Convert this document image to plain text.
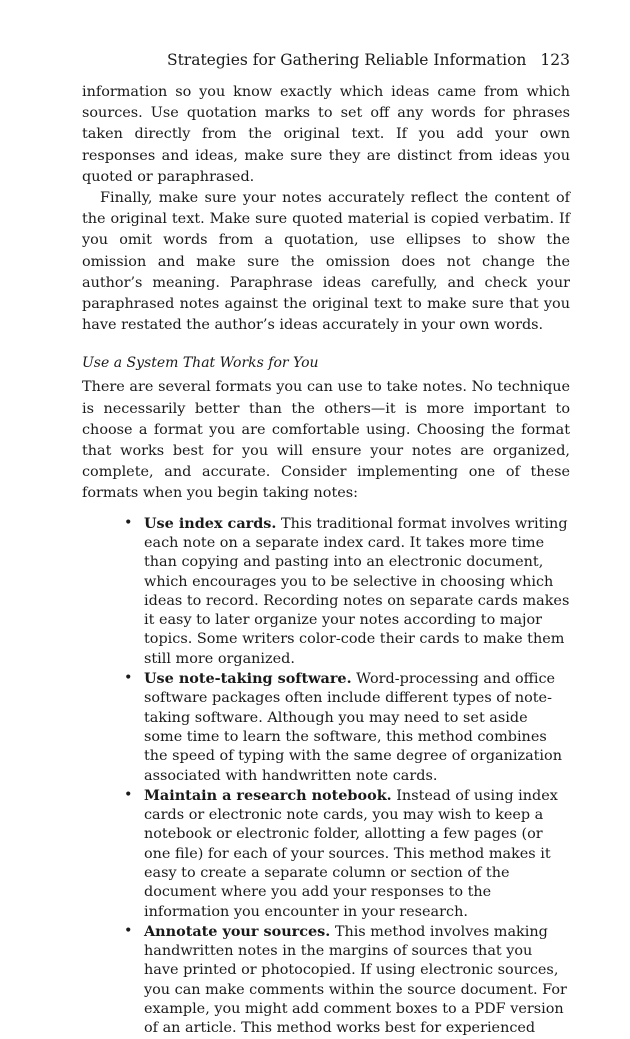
Strategies for Gathering Reliable Information 123

information so you know exactly which ideas came from which sources. Use quotation marks to set off any words for phrases taken directly from the original text. If you add your own responses and ideas, make sure they are distinct from ideas you quoted or paraphrased.

Finally, make sure your notes accurately reflect the content of the original text. Make sure quoted material is copied verbatim. If you omit words from a quotation, use ellipses to show the omission and make sure the omission does not change the author’s meaning. Paraphrase ideas carefully, and check your paraphrased notes against the original text to make sure that you have restated the author’s ideas accurately in your own words.

Use a System That Works for You

There are several formats you can use to take notes. No technique is necessarily better than the others—it is more important to choose a format you are comfortable using. Choosing the format that works best for you will ensure your notes are organized, complete, and accurate. Consider implementing one of these formats when you begin taking notes:

• Use index cards. This traditional format involves writing each note on a separate index card. It takes more time than copying and pasting into an electronic document, which encourages you to be selective in choosing which ideas to record. Recording notes on separate cards makes it easy to later organize your notes according to major topics. Some writers color-code their cards to make them still more organized.
• Use note-taking software. Word-processing and office software packages often include different types of note-taking software. Although you may need to set aside some time to learn the software, this method combines the speed of typing with the same degree of organization associated with handwritten note cards.
• Maintain a research notebook. Instead of using index cards or electronic note cards, you may wish to keep a notebook or electronic folder, allotting a few pages (or one file) for each of your sources. This method makes it easy to create a separate column or section of the document where you add your responses to the information you encounter in your research.
• Annotate your sources. This method involves making handwritten notes in the margins of sources that you have printed or photocopied. If using electronic sources, you can make comments within the source document. For example, you might add comment boxes to a PDF version of an article. This method works best for experienced
